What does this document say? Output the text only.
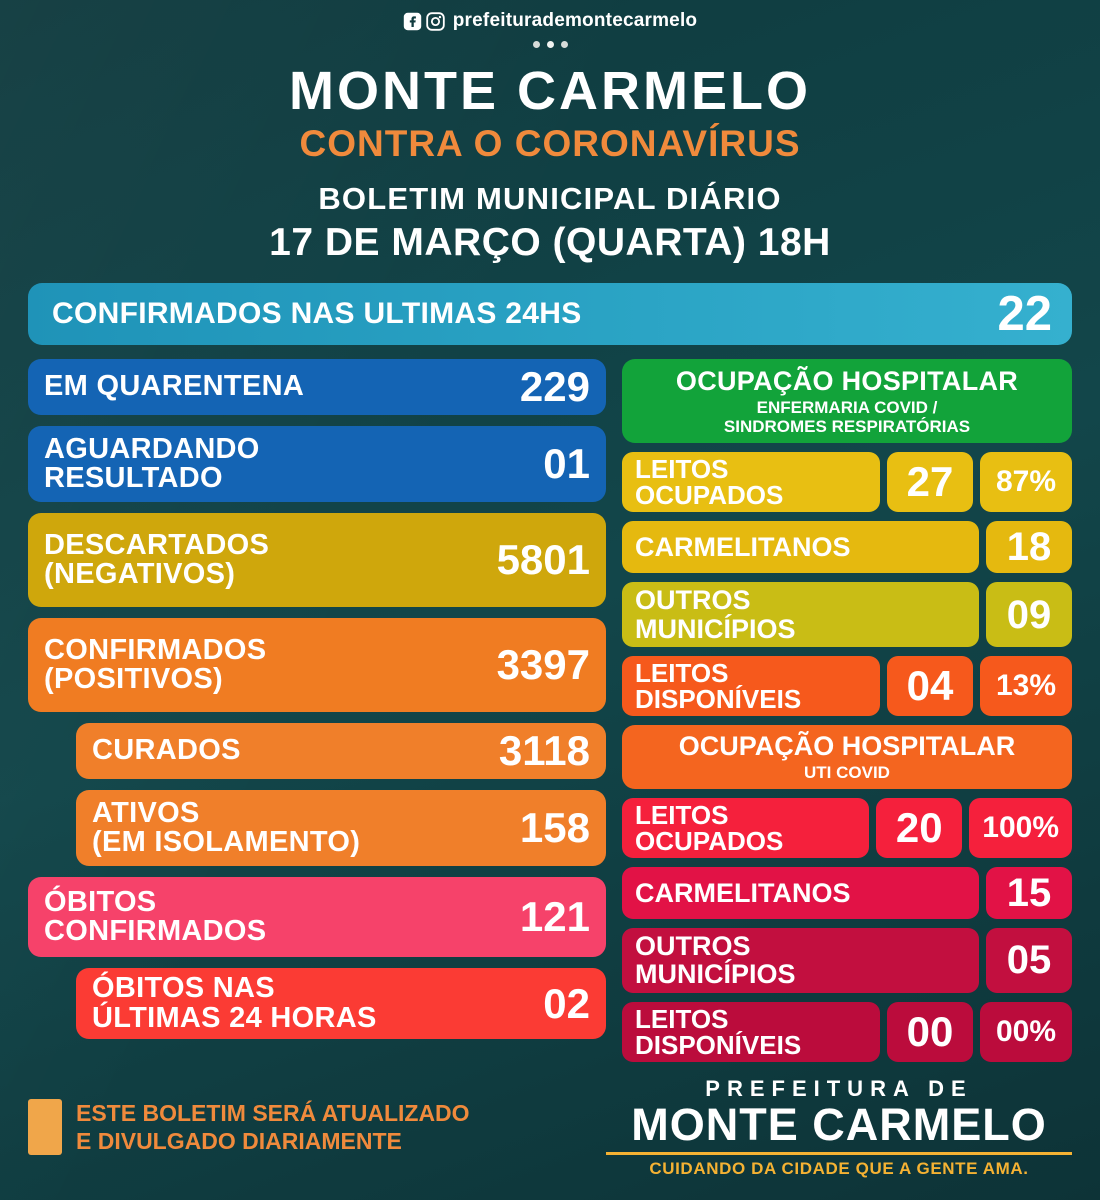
prefeiturademontecarmelo
MONTE CARMELO
CONTRA O CORONAVÍRUS
BOLETIM MUNICIPAL DIÁRIO
17 DE MARÇO (QUARTA) 18H
CONFIRMADOS NAS ULTIMAS 24HS	22
EM QUARENTENA	229
AGUARDANDO
RESULTADO	01
DESCARTADOS
(NEGATIVOS)	5801
CONFIRMADOS
(POSITIVOS)	3397
CURADOS	3118
ATIVOS
(EM ISOLAMENTO)	158
ÓBITOS
CONFIRMADOS	121
ÓBITOS NAS
ÚLTIMAS 24 HORAS	02
OCUPAÇÃO HOSPITALAR
ENFERMARIA COVID /
SINDROMES RESPIRATÓRIAS
LEITOS
OCUPADOS	27 87%
CARMELITANOS	18
OUTROS
MUNICÍPIOS	09
LEITOS
DISPONÍVEIS	04 13%
OCUPAÇÃO HOSPITALAR
UTI COVID
LEITOS
OCUPADOS	20 100%
CARMELITANOS	15
OUTROS
MUNICÍPIOS	05
LEITOS
DISPONÍVEIS	00 00%
ESTE BOLETIM SERÁ ATUALIZADO
E DIVULGADO DIARIAMENTE
PREFEITURA DE
MONTE CARMELO
CUIDANDO DA CIDADE QUE A GENTE AMA.
